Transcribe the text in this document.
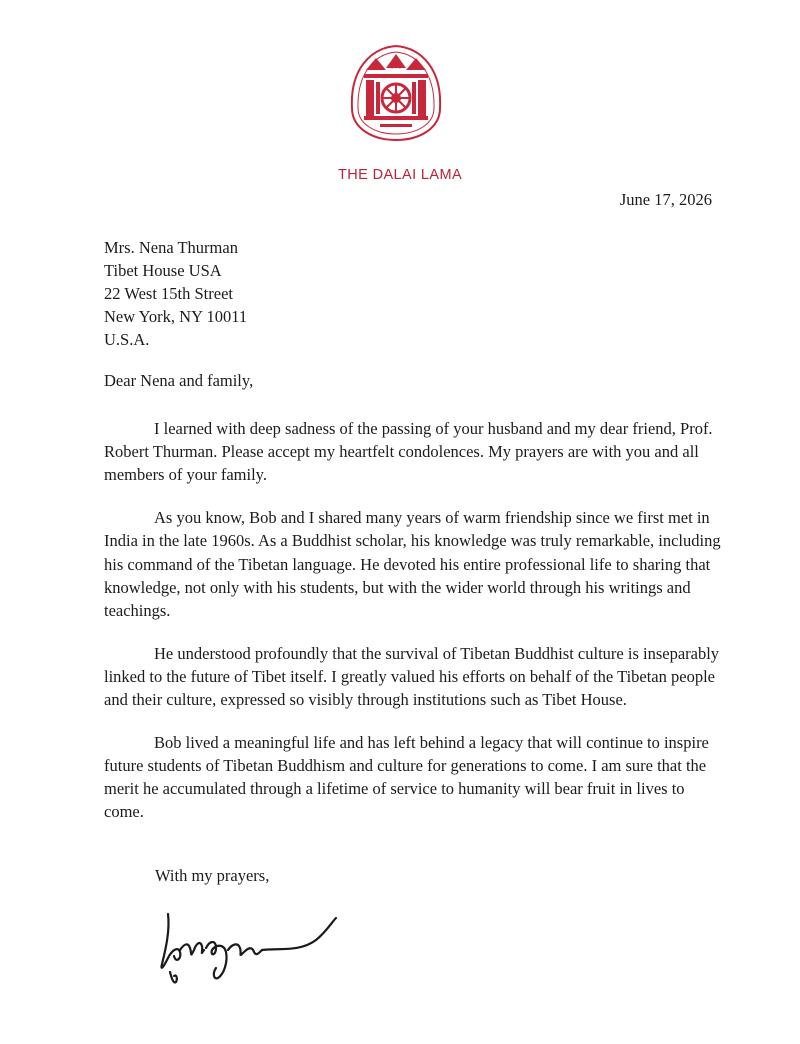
THE DALAI LAMA
June 17, 2026
Mrs. Nena Thurman
Tibet House USA
22 West 15th Street
New York, NY 10011
U.S.A.
Dear Nena and family,

I learned with deep sadness of the passing of your husband and my dear friend, Prof. Robert Thurman. Please accept my heartfelt condolences. My prayers are with you and all members of your family.

As you know, Bob and I shared many years of warm friendship since we first met in India in the late 1960s. As a Buddhist scholar, his knowledge was truly remarkable, including his command of the Tibetan language. He devoted his entire professional life to sharing that knowledge, not only with his students, but with the wider world through his writings and teachings.

He understood profoundly that the survival of Tibetan Buddhist culture is inseparably linked to the future of Tibet itself. I greatly valued his efforts on behalf of the Tibetan people and their culture, expressed so visibly through institutions such as Tibet House.

Bob lived a meaningful life and has left behind a legacy that will continue to inspire future students of Tibetan Buddhism and culture for generations to come. I am sure that the merit he accumulated through a lifetime of service to humanity will bear fruit in lives to come.

With my prayers,
